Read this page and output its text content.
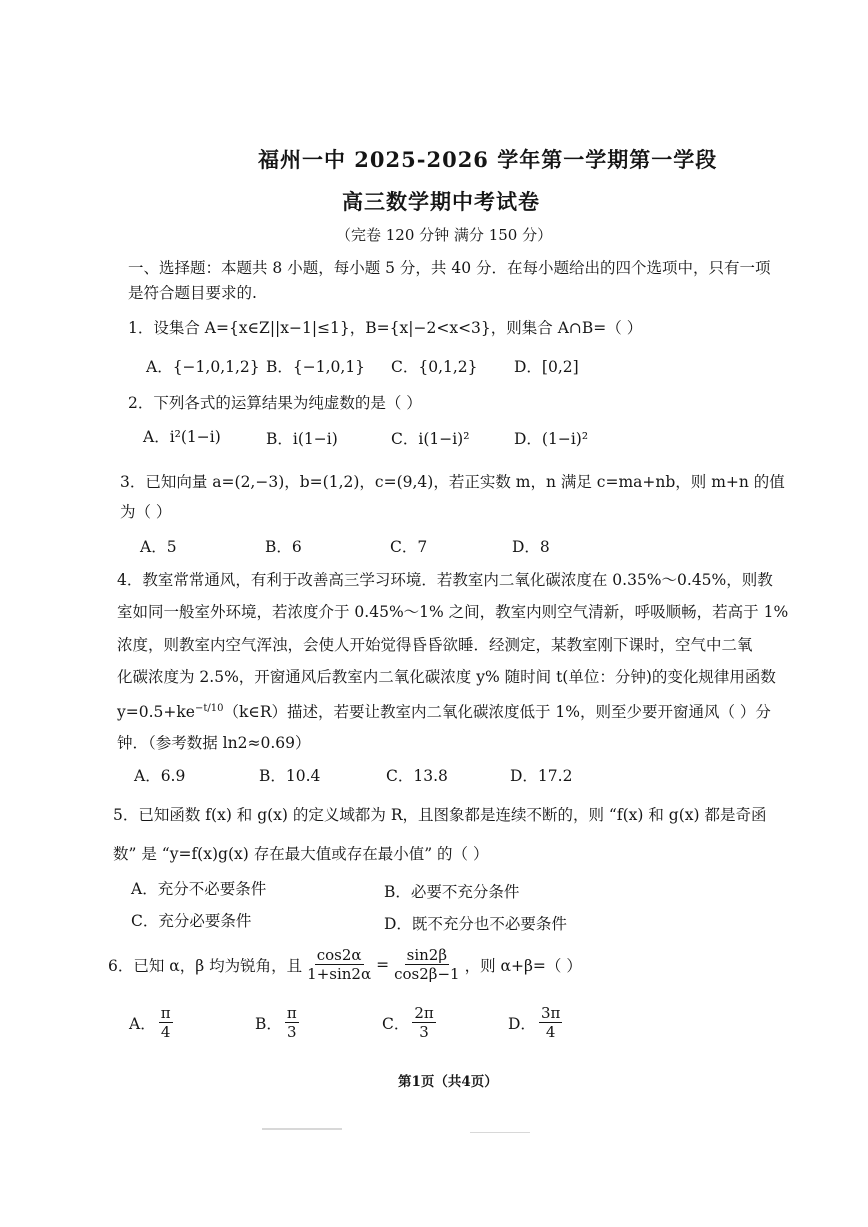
福州一中 2025-2026 学年第一学期第一学段
高三数学期中考试卷
（完卷 120 分钟 满分 150 分）
一、选择题：本题共 8 小题，每小题 5 分，共 40 分．在每小题给出的四个选项中，只有一项
是符合题目要求的.
1．设集合 A={x∈Z||x−1|≤1}，B={x|−2<x<3}，则集合 A∩B=（ ）
A．{−1,0,1,2} B．{−1,0,1} C．{0,1,2} D．[0,2]
2．下列各式的运算结果为纯虚数的是（ ）
A．i²(1−i)	B．i(1−i)	C．i(1−i)²	D．(1−i)²
3．已知向量 a=(2,−3)，b=(1,2)，c=(9,4)，若正实数 m，n 满足 c=ma+nb，则 m+n 的值
为（ ）
A．5	B．6	C．7	D．8
4．教室常常通风，有利于改善高三学习环境．若教室内二氧化碳浓度在 0.35%～0.45%，则教
室如同一般室外环境，若浓度介于 0.45%～1% 之间，教室内则空气清新，呼吸顺畅，若高于 1%
浓度，则教室内空气浑浊，会使人开始觉得昏昏欲睡．经测定，某教室刚下课时，空气中二氧
化碳浓度为 2.5%，开窗通风后教室内二氧化碳浓度 y% 随时间 t(单位：分钟)的变化规律用函数
$y=0.5+ke^{-t/10}(k\in R)$描述，若要让教室内二氧化碳浓度低于 1%，则至少要开窗通风（ ）分
钟．（参考数据 ln2≈0.69）
A．6.9	B．10.4	C．13.8	D．17.2
5．已知函数 f(x) 和 g(x) 的定义域都为 R，且图象都是连续不断的，则 “f(x) 和 g(x) 都是奇函
数” 是 “y=f(x)g(x) 存在最大值或存在最小值” 的（ ）
A．充分不必要条件	B．必要不充分条件
C．充分必要条件	D．既不充分也不必要条件
6．已知 α，β 均为锐角，且 $\frac{\cos 2\alpha}{1+\sin 2\alpha} = \frac{\sin 2\beta}{\cos 2\beta-1}$ ，则 α+β=（ ）
A． $\frac{\pi}{4}$	B． $\frac{\pi}{3}$	C． $\frac{2\pi}{3}$	D． $\frac{3\pi}{4}$
第1页（共4页）
